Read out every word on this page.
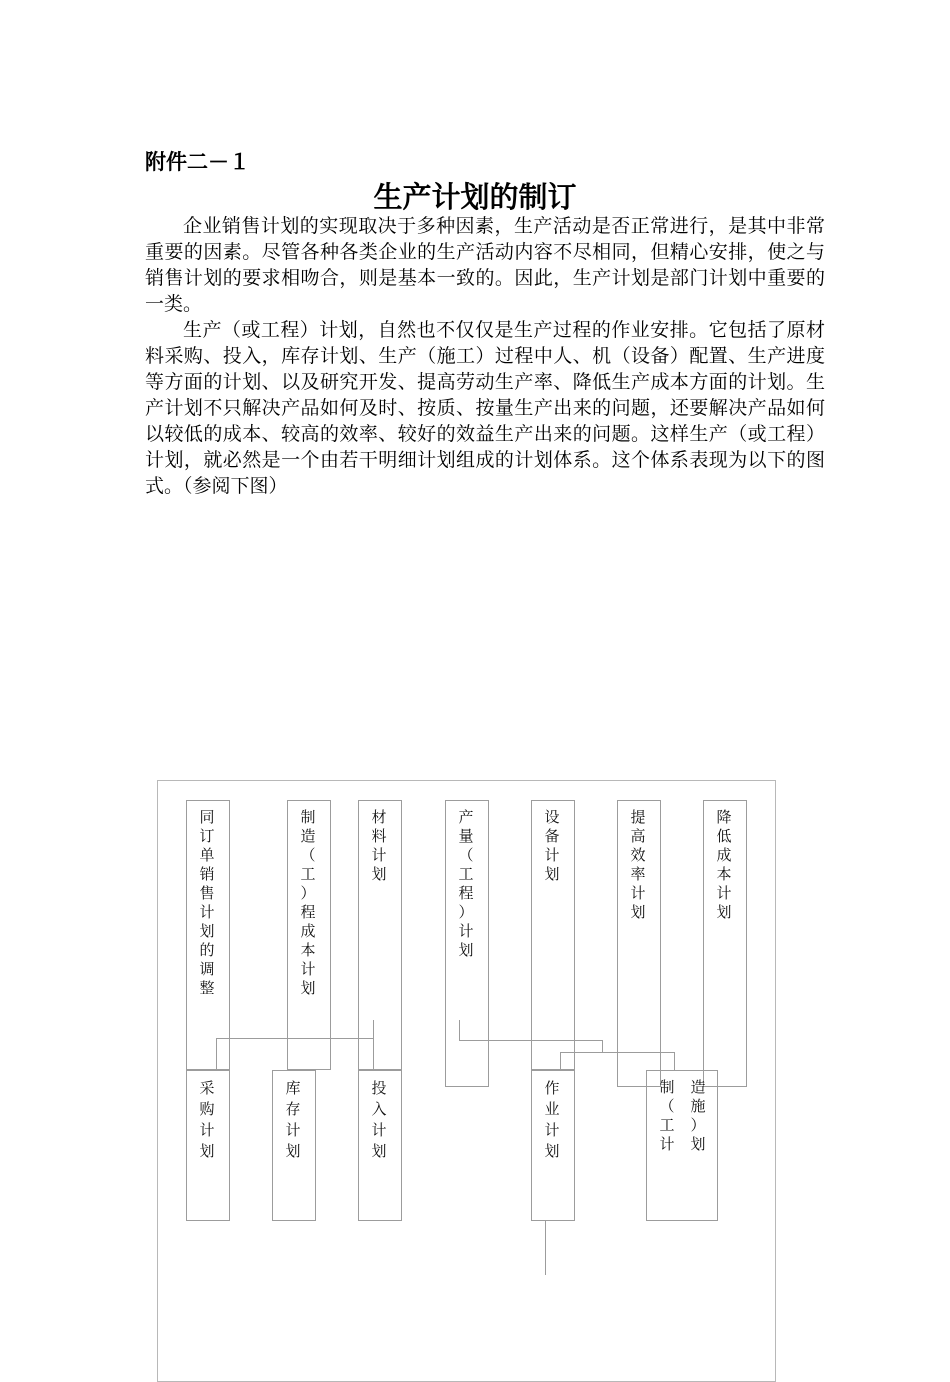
附件二－１
生产计划的制订

企业销售计划的实现取决于多种因素，生产活动是否正常进行，是其中非常重要的因素。尽管各种各类企业的生产活动内容不尽相同，但精心安排，使之与销售计划的要求相吻合，则是基本一致的。因此，生产计划是部门计划中重要的一类。

生产（或工程）计划，自然也不仅仅是生产过程的作业安排。它包括了原材料采购、投入，库存计划、生产（施工）过程中人、机（设备）配置、生产进度等方面的计划、以及研究开发、提高劳动生产率、降低生产成本方面的计划。生产计划不只解决产品如何及时、按质、按量生产出来的问题，还要解决产品如何以较低的成本、较高的效率、较好的效益生产出来的问题。这样生产（或工程）计划，就必然是一个由若干明细计划组成的计划体系。这个体系表现为以下的图式。（参阅下图）

同
订
单
销
售
计
划
的
调
整
制
造
（
工
）
程
成
本
计
划
材
料
计
划
产
量
（
工
程
）
计
划
设
备
计
划
提
高
效
率
计
划
降
低
成
本
计
划
采
购
计
划
库
存
计
划
投
入
计
划
作
业
计
划
制
（
工
计
造
施
）
划
